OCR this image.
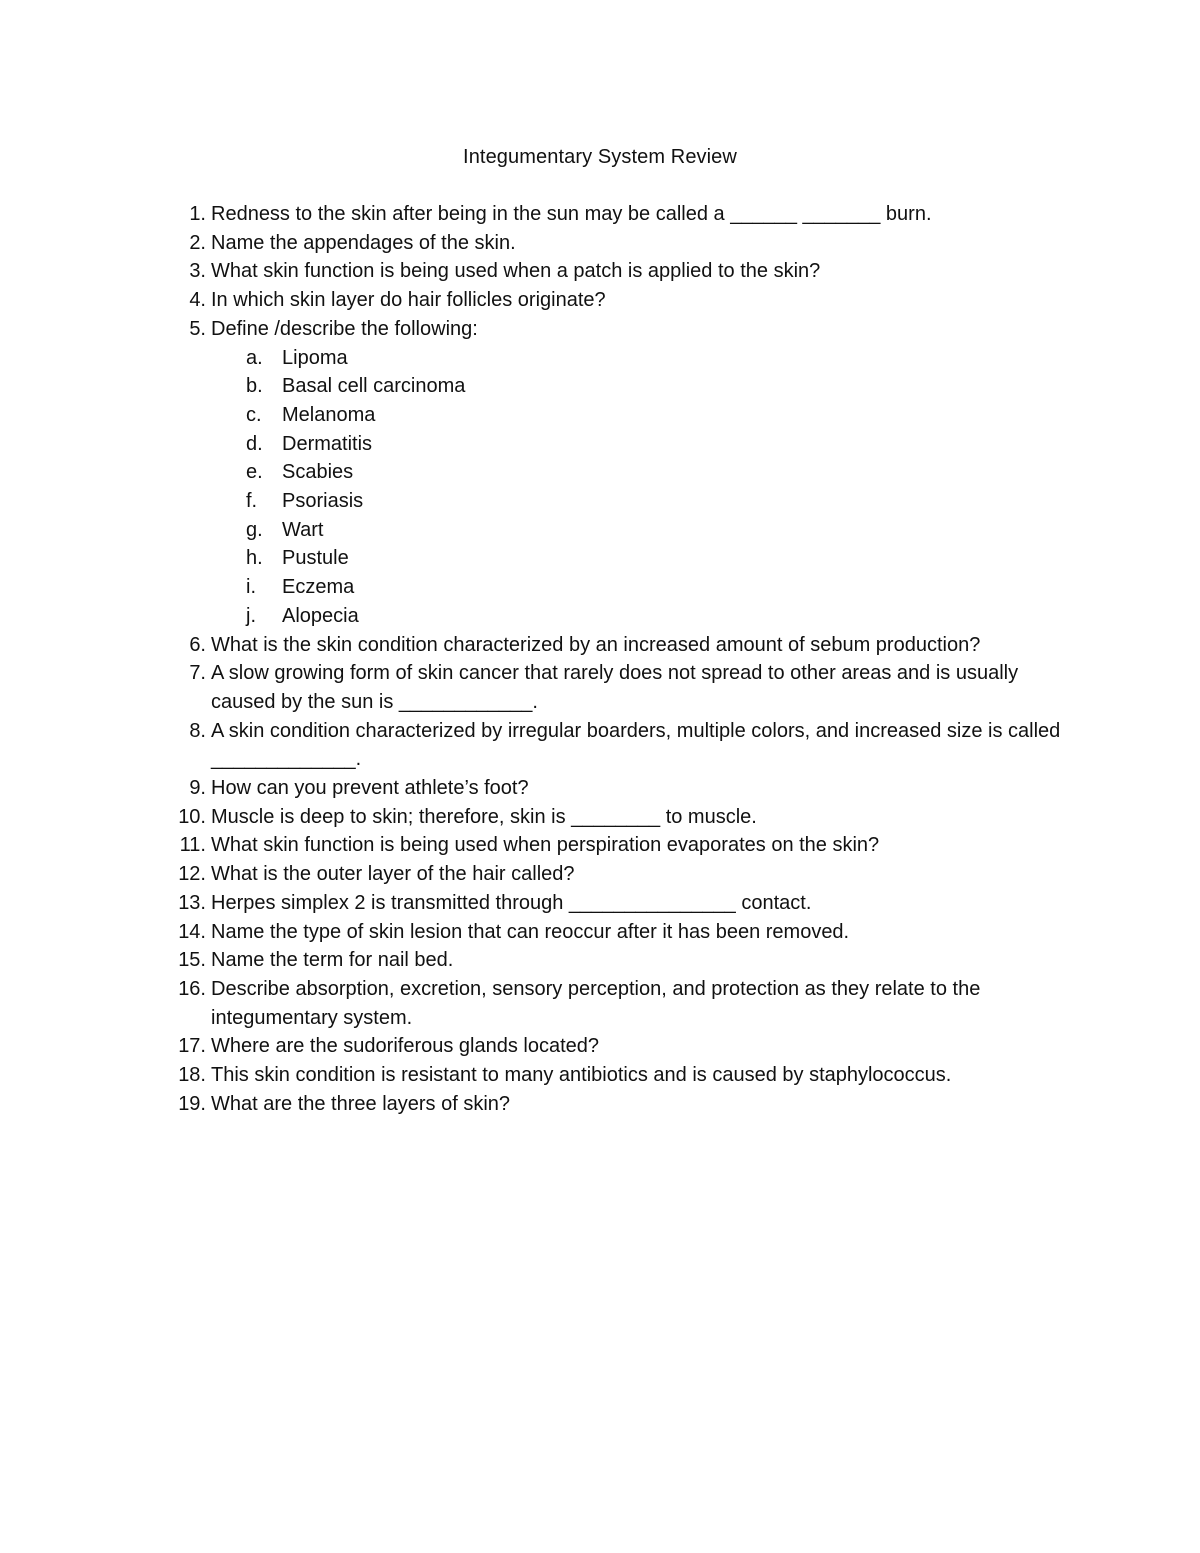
Integumentary System Review
1. Redness to the skin after being in the sun may be called a ______ _______ burn.
2. Name the appendages of the skin.
3. What skin function is being used when a patch is applied to the skin?
4. In which skin layer do hair follicles originate?
5. Define /describe the following:
a. Lipoma
b. Basal cell carcinoma
c.	Melanoma
d. Dermatitis
e. Scabies
f.	Psoriasis
g. Wart
h. Pustule
i.	Eczema
j.	Alopecia
6. What is the skin condition characterized by an increased amount of sebum production?
7. A slow growing form of skin cancer that rarely does not spread to other areas and is usually caused by the sun is ____________.
8. A skin condition characterized by irregular boarders, multiple colors, and increased size is called _____________.
9. How can you prevent athlete’s foot?
10. Muscle is deep to skin; therefore, skin is ________ to muscle.
11. What skin function is being used when perspiration evaporates on the skin?
12. What is the outer layer of the hair called?
13. Herpes simplex 2 is transmitted through _______________ contact.
14. Name the type of skin lesion that can reoccur after it has been removed.
15. Name the term for nail bed.
16. Describe absorption, excretion, sensory perception, and protection as they relate to the integumentary system.
17. Where are the sudoriferous glands located?
18. This skin condition is resistant to many antibiotics and is caused by staphylococcus.
19. What are the three layers of skin?
